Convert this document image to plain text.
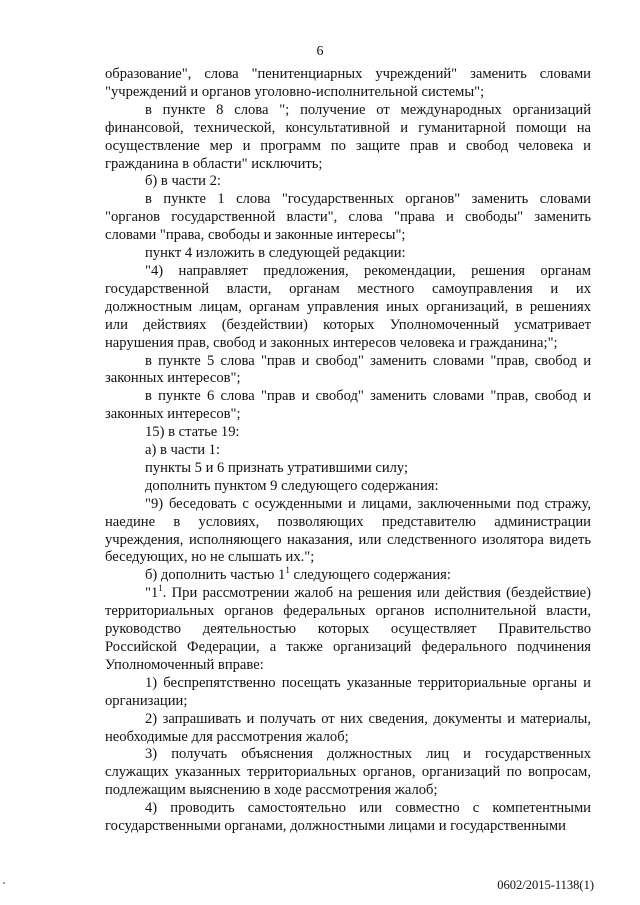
6

образование", слова "пенитенциарных учреждений" заменить словами "учреждений и органов уголовно-исполнительной системы";

в пункте 8 слова "; получение от международных организаций финансовой, технической, консультативной и гуманитарной помощи на осуществление мер и программ по защите прав и свобод человека и гражданина в области" исключить;

б) в части 2:

в пункте 1 слова "государственных органов" заменить словами "органов государственной власти", слова "права и свободы" заменить словами "права, свободы и законные интересы";

пункт 4 изложить в следующей редакции:

"4) направляет предложения, рекомендации, решения органам государственной власти, органам местного самоуправления и их должностным лицам, органам управления иных организаций, в решениях или действиях (бездействии) которых Уполномоченный усматривает нарушения прав, свобод и законных интересов человека и гражданина;";

в пункте 5 слова "прав и свобод" заменить словами "прав, свобод и законных интересов";

в пункте 6 слова "прав и свобод" заменить словами "прав, свобод и законных интересов";

15) в статье 19:

а) в части 1:

пункты 5 и 6 признать утратившими силу;

дополнить пунктом 9 следующего содержания:

"9) беседовать с осужденными и лицами, заключенными под стражу, наедине в условиях, позволяющих представителю администрации учреждения, исполняющего наказания, или следственного изолятора видеть беседующих, но не слышать их.";

б) дополнить частью $1^1$ следующего содержания:

"$1^1$. При рассмотрении жалоб на решения или действия (бездействие) территориальных органов федеральных органов исполнительной власти, руководство деятельностью которых осуществляет Правительство Российской Федерации, а также организаций федерального подчинения Уполномоченный вправе:

1) беспрепятственно посещать указанные территориальные органы и организации;

2) запрашивать и получать от них сведения, документы и материалы, необходимые для рассмотрения жалоб;

3) получать объяснения должностных лиц и государственных служащих указанных территориальных органов, организаций по вопросам, подлежащим выяснению в ходе рассмотрения жалоб;

4) проводить самостоятельно или совместно с компетентными государственными органами, должностными лицами и государственными

0602/2015-1138(1)
